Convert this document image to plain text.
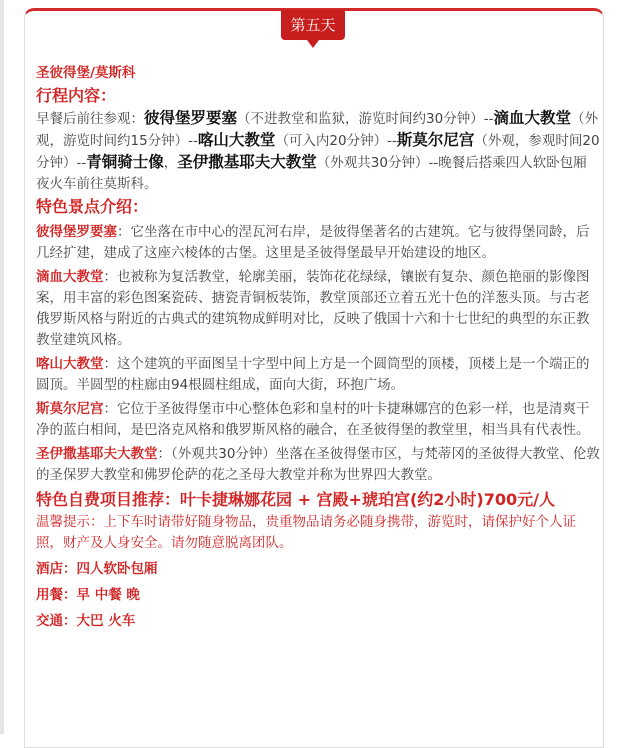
第五天

圣彼得堡/莫斯科

行程内容：

早餐后前往参观：彼得堡罗要塞（不进教堂和监狱，游览时间约30分钟）--滴血大教堂（外观，游览时间约15分钟）--喀山大教堂（可入内20分钟）--斯莫尔尼宫（外观，参观时间20分钟）--青铜骑士像，圣伊撒基耶夫大教堂（外观共30分钟）--晚餐后搭乘四人软卧包厢夜火车前往莫斯科。

特色景点介绍：

彼得堡罗要塞：它坐落在市中心的涅瓦河右岸，是彼得堡著名的古建筑。它与彼得堡同龄，后几经扩建，建成了这座六棱体的古堡。这里是圣彼得堡最早开始建设的地区。

滴血大教堂：也被称为复活教堂，轮廓美丽，装饰花花绿绿，镶嵌有复杂、颜色艳丽的影像图案，用丰富的彩色图案瓷砖、搪瓷青铜板装饰，教堂顶部还立着五光十色的洋葱头顶。与古老俄罗斯风格与附近的古典式的建筑物成鲜明对比，反映了俄国十六和十七世纪的典型的东正教教堂建筑风格。

喀山大教堂：这个建筑的平面图呈十字型中间上方是一个圆筒型的顶楼，顶楼上是一个端正的圆顶。半圆型的柱廊由94根圆柱组成，面向大街，环抱广场。

斯莫尔尼宫：它位于圣彼得堡市中心整体色彩和皇村的叶卡捷琳娜宫的色彩一样，也是清爽干净的蓝白相间，是巴洛克风格和俄罗斯风格的融合，在圣彼得堡的教堂里，相当具有代表性。

圣伊撒基耶夫大教堂：（外观共30分钟）坐落在圣彼得堡市区，与梵蒂冈的圣彼得大教堂、伦敦的圣保罗大教堂和佛罗伦萨的花之圣母大教堂并称为世界四大教堂。

特色自费项目推荐：叶卡捷琳娜花园 + 宫殿+琥珀宫(约2小时)700元/人

温馨提示：上下车时请带好随身物品，贵重物品请务必随身携带，游览时，请保护好个人证照，财产及人身安全。请勿随意脱离团队。

酒店：四人软卧包厢

用餐：早 中餐 晚

交通：大巴 火车
